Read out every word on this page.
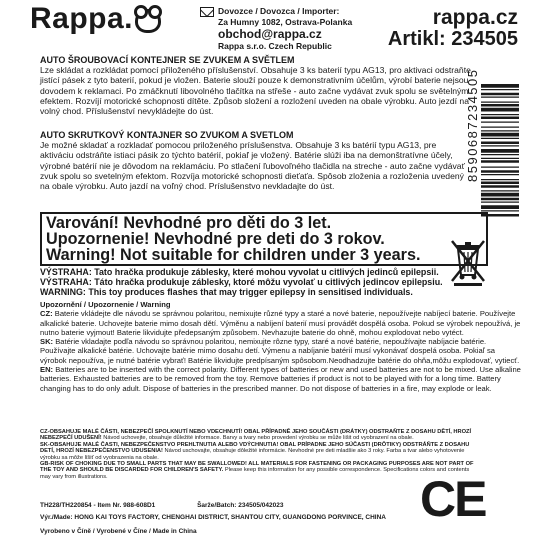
Rappa.	Dovozce / Dovozca / Importer:
Za Humny 1082, Ostrava-Polanka
obchod@rappa.cz
Rappa s.r.o. Czech Republic
rappa.cz
Artikl: 234505
AUTO ŠROUBOVACÍ KONTEJNER SE ZVUKEM A SVĚTLEM

Lze skládat a rozkládat pomocí přiloženého příslušenství. Obsahuje 3 ks baterií typu AG13, pro aktivaci odstraňte jistící pásek z tyto baterií, pokud je vložen. Baterie slouží pouze k demonstrativním účelům, výrobí baterie nejsou dovodem k reklamaci. Po zmáčknutí libovolného tlačítka na střeše - auto začne vydávat zvuk spolu se světelným efektem. Rozvíjí motorické schopnosti dítěte. Způsob složení a rozložení uveden na obale výrobku. Auto jezdí na volný chod. Příslušenství nevykládejte do úst.

AUTO SKRUTKOVÝ KONTAJNER SO ZVUKOM A SVETLOM

Je možné skladať a rozkladať pomocou priloženého príslušenstva. Obsahuje 3 ks batérií typu AG13, pre aktiváciu odstráňte istiaci pásik zo týchto batérií, pokiaľ je vložený. Batérie slúži iba na demonštratívne účely, výrobné batérií nie je dôvodom na reklamáciu. Po stlačení ľubovoľného tlačidla na streche - auto začne vydávať zvuk spolu so svetelným efektom. Rozvíja motorické schopnosti dieťaťa. Spôsob zloženia a rozloženia uvedený na obale výrobku. Auto jazdí na voľný chod. Príslušenstvo nevkladajte do úst.

8590687234505
Varování! Nevhodné pro děti do 3 let.
Upozornenie! Nevhodné pre deti do 3 rokov.
Warning! Not suitable for children under 3 years.
VÝSTRAHA: Tato hračka produkuje záblesky, které mohou vyvolat u citlivých jedinců epilepsii.
VÝSTRAHA: Táto hračka produkuje záblesky, ktoré môžu vyvolať u citlivých jedincov epilepsiu.
WARNING: This toy produces flashes that may trigger epilepsy in sensitised individuals.

Upozornění / Upozornenie / Warning

CZ: Baterie vkládejte dle návodu se správnou polaritou, nemixujte různé typy a staré a nové baterie, nepoužívejte nabíjecí baterie. Používejte alkalické baterie. Uchovejte baterie mimo dosah dětí. Výměnu a nabíjení baterií musí provádět dospělá osoba. Pokud se výrobek nepoužívá, je nutno baterie vyjmout! Baterie likvidujte předepsaným způsobem. Nevhazujte baterie do ohně, mohou explodovat nebo vytéct.

SK: Batérie vkladajte podľa návodu so správnou polaritou, nemixujte rôzne typy, staré a nové batérie, nepoužívajte nabíjacie batérie. Používajte alkalické batérie. Uchovajte batérie mimo dosahu detí. Výmenu a nabíjanie batérií musí vykonávať dospelá osoba. Pokiaľ sa výrobok nepoužíva, je nutné batérie vybrať! Batérie likvidujte predpísaným spôsobom.Neodhadzujte batérie do ohňa,môžu explodovať, vytiecť.

EN: Batteries are to be inserted with the correct polarity. Different types of batteries or new and used batteries are not to be mixed. Use alkaline batteries. Exhausted batteries are to be removed from the toy. Remove batteries if product is not to be played with for a long time. Battery changing has to do only adult. Dispose of batteries in the prescribed manner. Do not dispose of batteries in a fire, may explode or leak.

CZ-OBSAHUJE MALÉ ČÁSTI, NEBEZPEČÍ SPOLKNUTÍ NEBO VDECHNUTÍ! OBAL PŘÍPADNĚ JEHO SOUČÁSTI (DRÁTKY) ODSTRAŇTE Z DOSAHU DĚTÍ, HROZÍ NEBEZPEČÍ UDUŠENÍ! Návod uchovejte, obsahuje důležité informace. Barvy a tvary nebo provedení výrobku se může lišit od vyobrazení na obale.

SK-OBSAHUJE MALÉ ČASTI, NEBEZPEČENSTVO PREHLTNUTIA ALEBO VDÝCHNUTIA! OBAL PRÍPADNE JEHO SÚČASTI (DRÔTIKY) ODSTRÁŇTE Z DOSAHU DETÍ, HROZÍ NEBEZPEČENSTVO UDUSENIA! Návod uschovajte, obsahuje dôležité informácie. Nevhodné pre deti mladšie ako 3 roky. Farba a tvar alebo vyhotovenie výrobku sa môže líšiť od vyobrazenia na obale.

GB-RISK OF CHOKING DUE TO SMALL PARTS THAT MAY BE SWALLOWED! ALL MATERIALS FOR FASTENING OR PACKAGING PURPOSES ARE NOT PART OF THE TOY AND SHOULD BE DISCARDED FOR CHILDREN'S SAFETY. Please keep this information for any possible correspondence. Specifications colors and contents may vary from illustrations.

TH228/TH220854 - Item Nr. 988-608D1	Šarže/Batch: 234505/042023
Výr./Made: HONG KAI TOYS FACTORY, CHENGHAI DISTRICT, SHANTOU CITY, GUANGDONG PORVINCE, CHINA
Vyrobeno v Číně / Vyrobené v Číne / Made in China
CE
